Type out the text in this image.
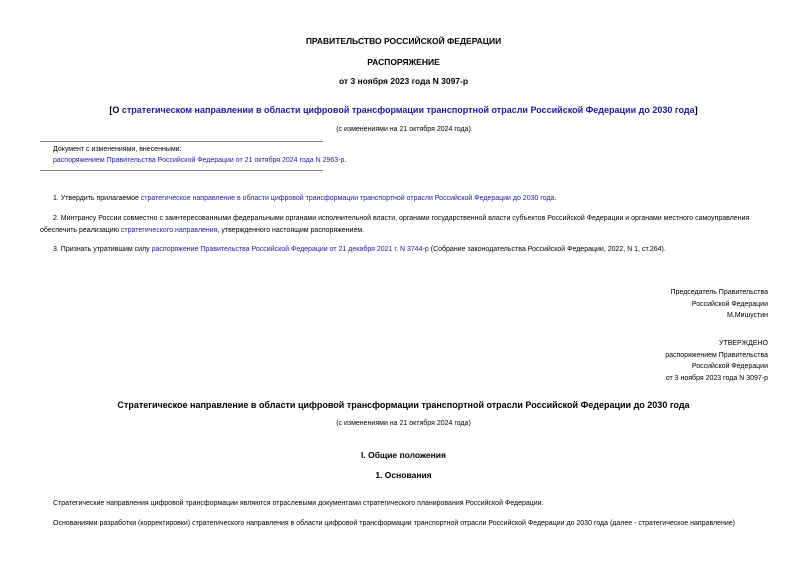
ПРАВИТЕЛЬСТВО РОССИЙСКОЙ ФЕДЕРАЦИИ
РАСПОРЯЖЕНИЕ
от 3 ноября 2023 года N 3097-р
[О стратегическом направлении в области цифровой трансформации транспортной отрасли Российской Федерации до 2030 года]
(с изменениями на 21 октября 2024 года)
Документ с изменениями, внесенными:
распоряжением Правительства Российской Федерации от 21 октября 2024 года N 2963-р.
1. Утвердить прилагаемое стратегическое направление в области цифровой трансформации транспортной отрасли Российской Федерации до 2030 года.
2. Минтрансу России совместно с заинтересованными федеральными органами исполнительной власти, органами государственной власти субъектов Российской Федерации и органами местного самоуправления
обеспечить реализацию стратегического направления, утвержденного настоящим распоряжением.
3. Признать утратившим силу распоряжение Правительства Российской Федерации от 21 декабря 2021 г. N 3744-р (Собрание законодательства Российской Федерации, 2022, N 1, ст.264).
Председатель Правительства
Российской Федерации
М.Мишустин
УТВЕРЖДЕНО
распоряжением Правительства
Российской Федерации
от 3 ноября 2023 года N 3097-р
Стратегическое направление в области цифровой трансформации транспортной отрасли Российской Федерации до 2030 года
(с изменениями на 21 октября 2024 года)
I. Общие положения
1. Основания
Стратегические направления цифровой трансформации являются отраслевыми документами стратегического планирования Российской Федерации.
Основаниями разработки (корректировки) стратегического направления в области цифровой трансформации транспортной отрасли Российской Федерации до 2030 года (далее - стратегическое направление)
